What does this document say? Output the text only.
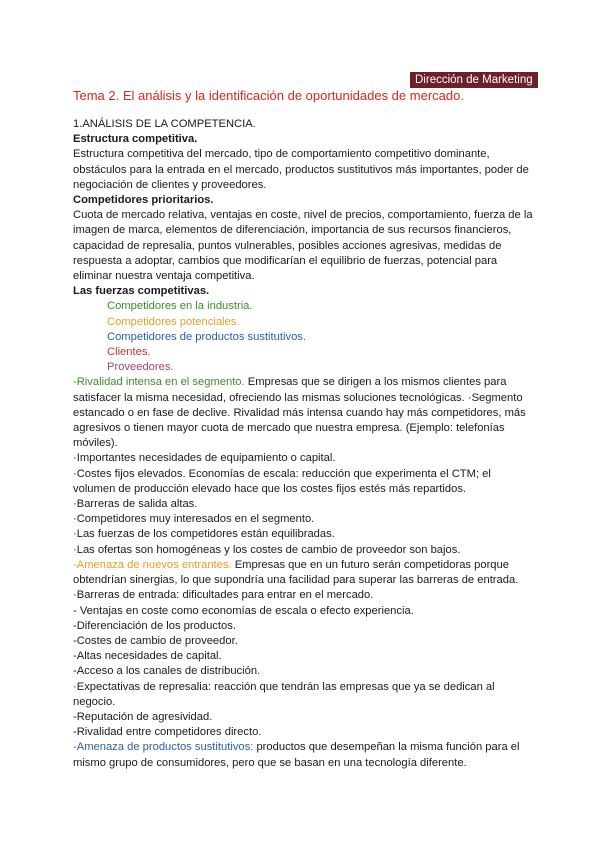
Dirección de Marketing
Tema 2. El análisis y la identificación de oportunidades de mercado.

1.ANÁLISIS DE LA COMPETENCIA.

Estructura competitiva.

Estructura competitiva del mercado, tipo de comportamiento competitivo dominante, obstáculos para la entrada en el mercado, productos sustitutivos más importantes, poder de negociación de clientes y proveedores.

Competidores prioritarios.

Cuota de mercado relativa, ventajas en coste, nivel de precios, comportamiento, fuerza de la imagen de marca, elementos de diferenciación, importancia de sus recursos financieros, capacidad de represalia, puntos vulnerables, posibles acciones agresivas, medidas de respuesta a adoptar, cambios que modificarían el equilibrio de fuerzas, potencial para eliminar nuestra ventaja competitiva.

Las fuerzas competitivas.

Competidores en la industria.

Competidores potenciales.

Competidores de productos sustitutivos.

Clientes.

Proveedores.

-Rivalidad intensa en el segmento. Empresas que se dirigen a los mismos clientes para satisfacer la misma necesidad, ofreciendo las mismas soluciones tecnológicas. ·Segmento estancado o en fase de declive. Rivalidad más intensa cuando hay más competidores, más agresivos o tienen mayor cuota de mercado que nuestra empresa. (Ejemplo: telefonías móviles).

·Importantes necesidades de equipamiento o capital.

·Costes fijos elevados. Economías de escala: reducción que experimenta el CTM; el volumen de producción elevado hace que los costes fijos estés más repartidos.

·Barreras de salida altas.

·Competidores muy interesados en el segmento.

·Las fuerzas de los competidores están equilibradas.

·Las ofertas son homogéneas y los costes de cambio de proveedor son bajos.

-Amenaza de nuevos entrantes. Empresas que en un futuro serán competidoras porque obtendrían sinergias, lo que supondría una facilidad para superar las barreras de entrada.

·Barreras de entrada: dificultades para entrar en el mercado.

- Ventajas en coste como economías de escala o efecto experiencia.

-Diferenciación de los productos.

-Costes de cambio de proveedor.

-Altas necesidades de capital.

-Acceso a los canales de distribución.

·Expectativas de represalia: reacción que tendrán las empresas que ya se dedican al negocio.

-Reputación de agresividad.

-Rivalidad entre competidores directo.

-Amenaza de productos sustitutivos: productos que desempeñan la misma función para el mismo grupo de consumidores, pero que se basan en una tecnología diferente.
